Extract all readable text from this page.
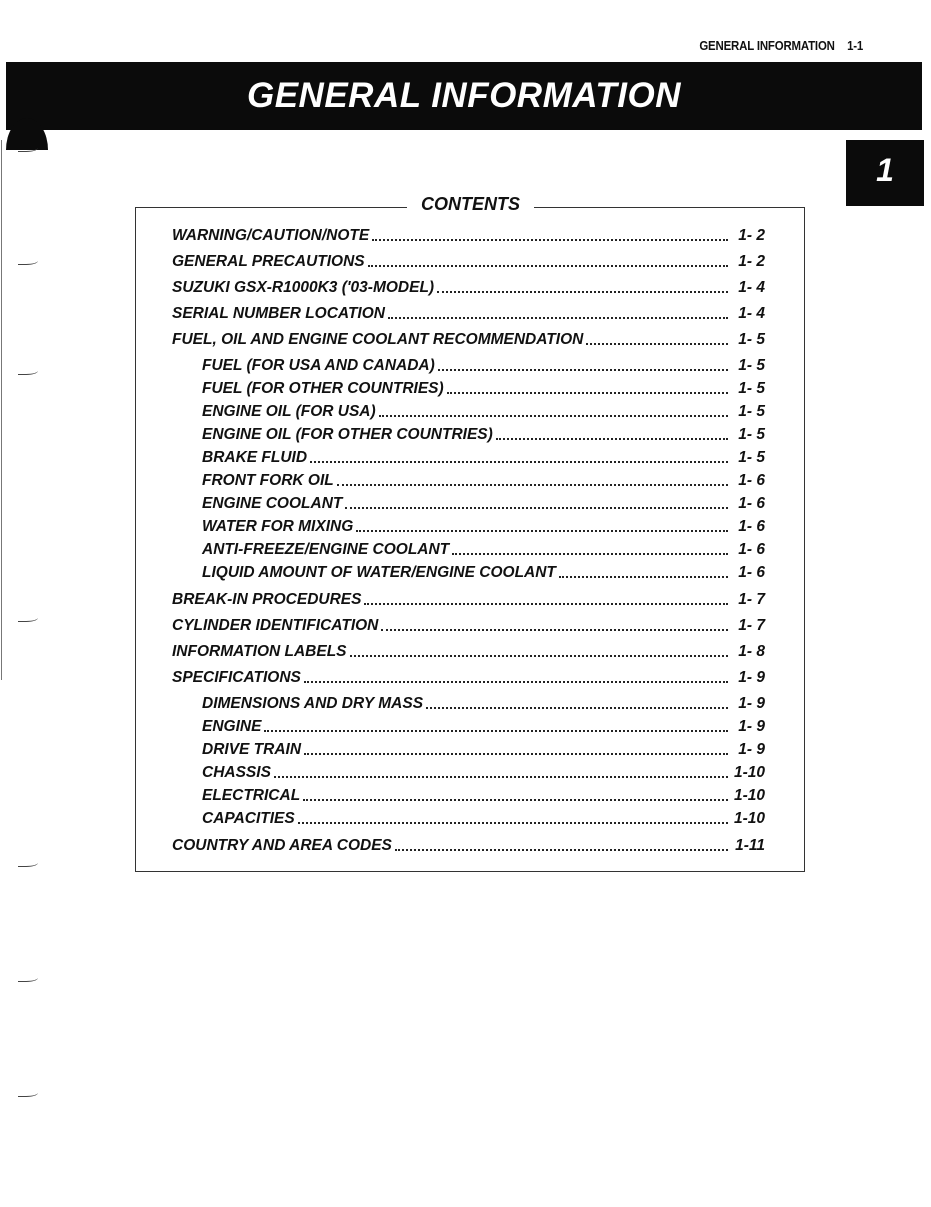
GENERAL INFORMATION 1-1
GENERAL INFORMATION
1
CONTENTS
WARNING/CAUTION/NOTE	1- 2
GENERAL PRECAUTIONS	1- 2
SUZUKI GSX-R1000K3 ('03-MODEL)	1- 4
SERIAL NUMBER LOCATION	1- 4
FUEL, OIL AND ENGINE COOLANT RECOMMENDATION	1- 5
FUEL (FOR USA AND CANADA)	1- 5
FUEL (FOR OTHER COUNTRIES)	1- 5
ENGINE OIL (FOR USA)	1- 5
ENGINE OIL (FOR OTHER COUNTRIES)	1- 5
BRAKE FLUID	1- 5
FRONT FORK OIL	1- 6
ENGINE COOLANT	1- 6
WATER FOR MIXING	1- 6
ANTI-FREEZE/ENGINE COOLANT	1- 6
LIQUID AMOUNT OF WATER/ENGINE COOLANT	1- 6
BREAK-IN PROCEDURES	1- 7
CYLINDER IDENTIFICATION	1- 7
INFORMATION LABELS	1- 8
SPECIFICATIONS	1- 9
DIMENSIONS AND DRY MASS	1- 9
ENGINE	1- 9
DRIVE TRAIN	1- 9
CHASSIS	1-10
ELECTRICAL	1-10
CAPACITIES	1-10
COUNTRY AND AREA CODES	1-11
